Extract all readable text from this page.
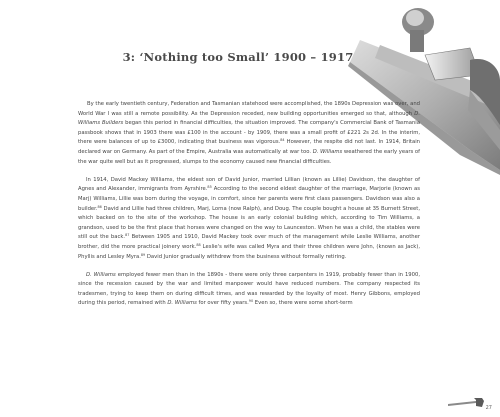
3: ‘Nothing too Small’ 1900 – 1917

By the early twentieth century, Federation and Tasmanian statehood were accomplished, the 1890s Depression was over, and World War I was still a remote possibility. As the Depression receded, new building opportunities emerged so that, although D. Williams Builders began this period in financial difficulties, the situation improved. The company's Commercial Bank of Tasmania passbook shows that in 1903 there was £100 in the account - by 1909, there was a small profit of £221 2s 2d. In the interim, there were balances of up to £3000, indicating that business was vigorous.$^{84}$ However, the respite did not last. In 1914, Britain declared war on Germany. As part of the Empire, Australia was automatically at war too. D. Williams weathered the early years of the war quite well but as it progressed, slumps to the economy caused new financial difficulties.

In 1914, David Mackey Williams, the eldest son of David Junior, married Lillian (known as Lillie) Davidson, the daughter of Agnes and Alexander, immigrants from Ayrshire.$^{85}$ According to the second eldest daughter of the marriage, Marjorie (known as Marj) Williams, Lillie was born during the voyage, in comfort, since her parents were first class passengers. Davidson was also a builder.$^{86}$ David and Lillie had three children, Marj, Lorna (now Ralph), and Doug. The couple bought a house at 35 Burnett Street, which backed on to the site of the workshop. The house is an early colonial building which, according to Tim Williams, a grandson, used to be the first place that horses were changed on the way to Launceston. When he was a child, the stables were still out the back.$^{87}$ Between 1905 and 1910, David Mackey took over much of the management while Leslie Williams, another brother, did the more practical joinery work.$^{88}$ Leslie's wife was called Myra and their three children were John, (known as Jack), Phyllis and Lesley Myra.$^{89}$ David Junior gradually withdrew from the business without formally retiring.

D. Williams employed fewer men than in the 1890s - there were only three carpenters in 1919, probably fewer than in 1900, since the recession caused by the war and limited manpower would have reduced numbers. The company respected its tradesmen, trying to keep them on during difficult times, and was rewarded by the loyalty of most. Henry Gibbons, employed during this period, remained with D. Williams for over fifty years.$^{90}$ Even so, there were some short-term

27
